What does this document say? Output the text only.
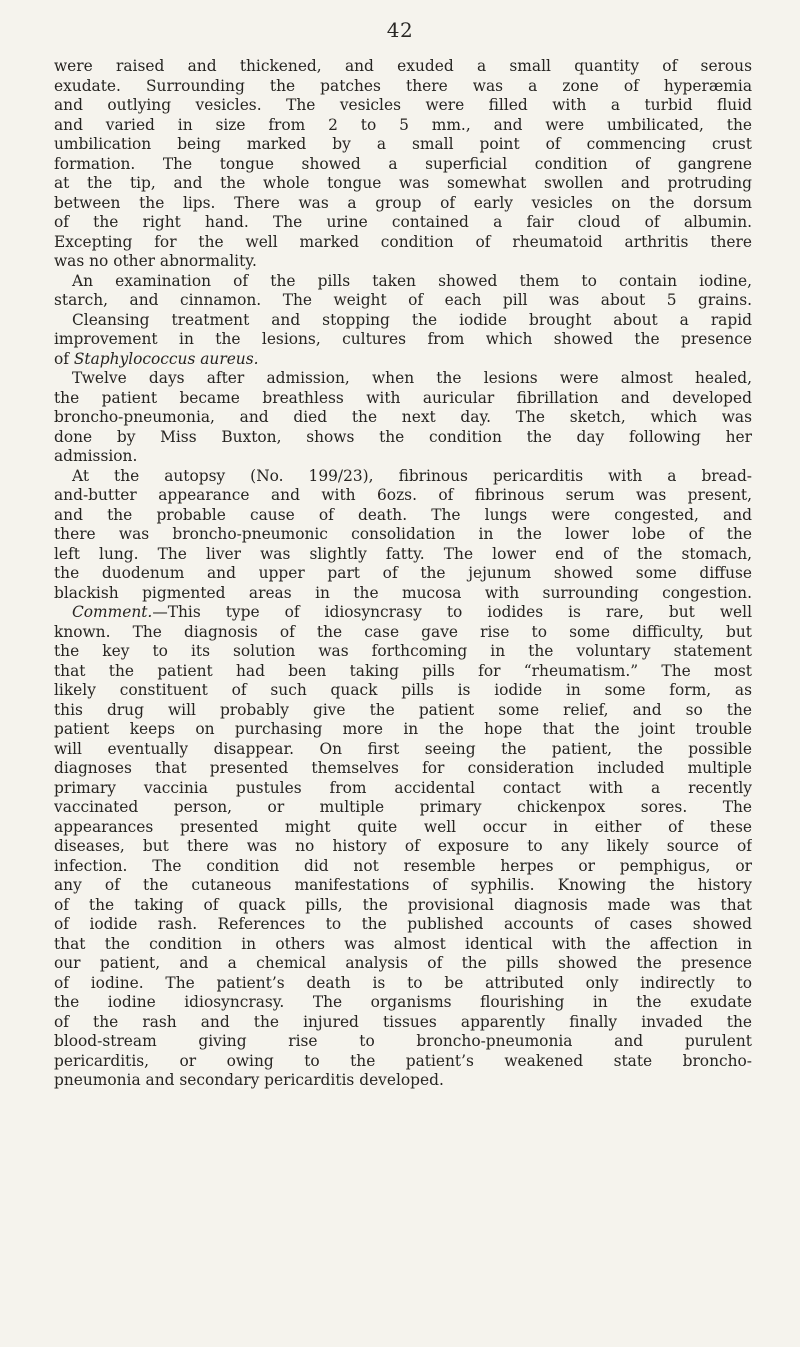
42
were raised and thickened, and exuded a small quantity of serous
exudate. Surrounding the patches there was a zone of hyperæmia
and outlying vesicles. The vesicles were filled with a turbid fluid
and varied in size from 2 to 5 mm., and were umbilicated, the
umbilication being marked by a small point of commencing crust
formation. The tongue showed a superficial condition of gangrene
at the tip, and the whole tongue was somewhat swollen and protruding
between the lips. There was a group of early vesicles on the dorsum
of the right hand. The urine contained a fair cloud of albumin.
Excepting for the well marked condition of rheumatoid arthritis there
was no other abnormality.
An examination of the pills taken showed them to contain iodine,
starch, and cinnamon. The weight of each pill was about 5 grains.
Cleansing treatment and stopping the iodide brought about a rapid
improvement in the lesions, cultures from which showed the presence
of Staphylococcus aureus.
Twelve days after admission, when the lesions were almost healed,
the patient became breathless with auricular fibrillation and developed
broncho-pneumonia, and died the next day. The sketch, which was
done by Miss Buxton, shows the condition the day following her
admission.
At the autopsy (No. 199/23), fibrinous pericarditis with a bread-
and-butter appearance and with 6ozs. of fibrinous serum was present,
and the probable cause of death. The lungs were congested, and
there was broncho-pneumonic consolidation in the lower lobe of the
left lung. The liver was slightly fatty. The lower end of the stomach,
the duodenum and upper part of the jejunum showed some diffuse
blackish pigmented areas in the mucosa with surrounding congestion.
Comment.—This type of idiosyncrasy to iodides is rare, but well
known. The diagnosis of the case gave rise to some difficulty, but
the key to its solution was forthcoming in the voluntary statement
that the patient had been taking pills for “rheumatism.” The most
likely constituent of such quack pills is iodide in some form, as
this drug will probably give the patient some relief, and so the
patient keeps on purchasing more in the hope that the joint trouble
will eventually disappear. On first seeing the patient, the possible
diagnoses that presented themselves for consideration included multiple
primary vaccinia pustules from accidental contact with a recently
vaccinated person, or multiple primary chickenpox sores. The
appearances presented might quite well occur in either of these
diseases, but there was no history of exposure to any likely source of
infection. The condition did not resemble herpes or pemphigus, or
any of the cutaneous manifestations of syphilis. Knowing the history
of the taking of quack pills, the provisional diagnosis made was that
of iodide rash. References to the published accounts of cases showed
that the condition in others was almost identical with the affection in
our patient, and a chemical analysis of the pills showed the presence
of iodine. The patient’s death is to be attributed only indirectly to
the iodine idiosyncrasy. The organisms flourishing in the exudate
of the rash and the injured tissues apparently finally invaded the
blood-stream giving rise to broncho-pneumonia and purulent
pericarditis, or owing to the patient’s weakened state broncho-
pneumonia and secondary pericarditis developed.
